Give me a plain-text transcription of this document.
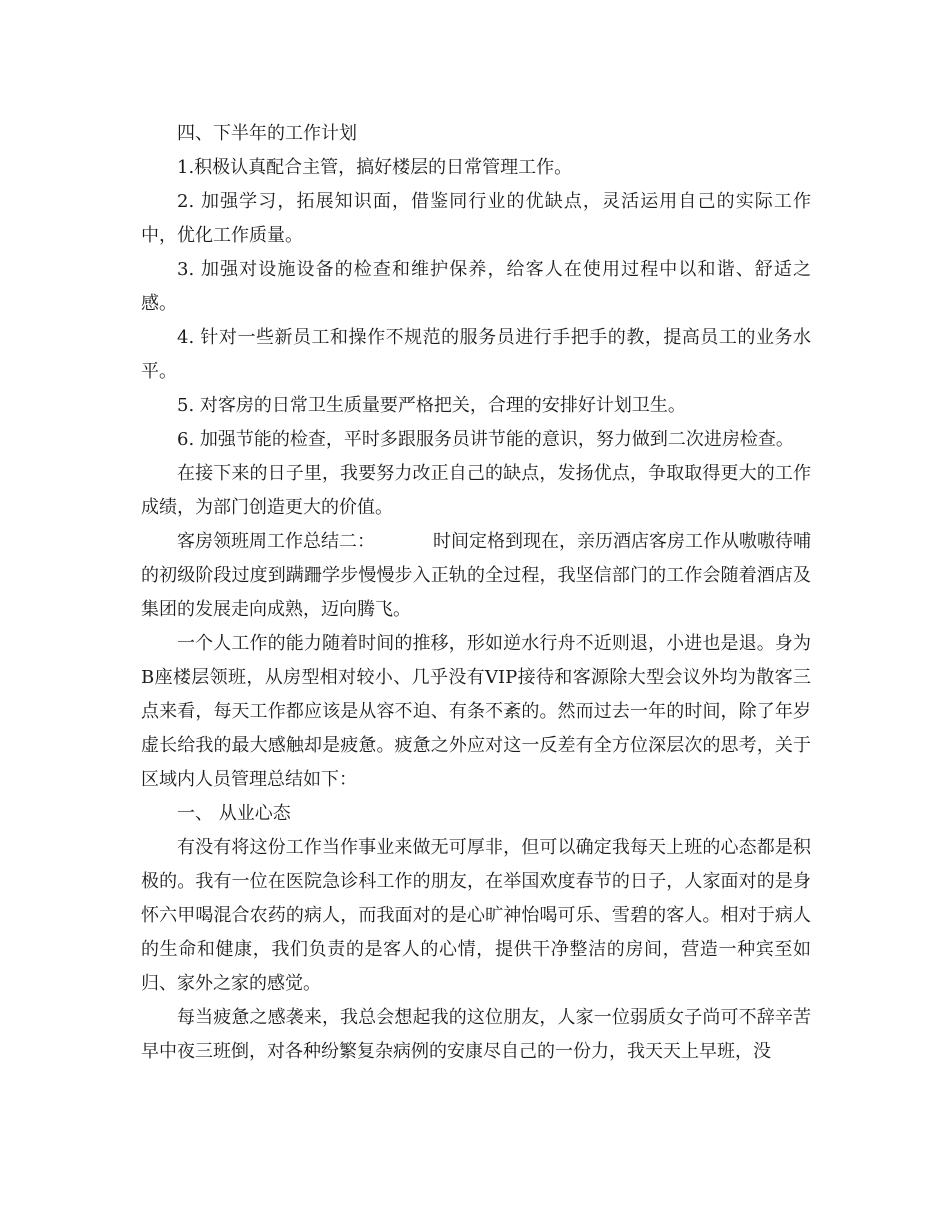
四、下半年的工作计划

1.积极认真配合主管，搞好楼层的日常管理工作。

2. 加强学习，拓展知识面，借鉴同行业的优缺点，灵活运用自己的实际工作中，优化工作质量。

3. 加强对设施设备的检查和维护保养，给客人在使用过程中以和谐、舒适之感。

4. 针对一些新员工和操作不规范的服务员进行手把手的教，提高员工的业务水平。

5. 对客房的日常卫生质量要严格把关，合理的安排好计划卫生。

6. 加强节能的检查，平时多跟服务员讲节能的意识，努力做到二次进房检查。

在接下来的日子里，我要努力改正自己的缺点，发扬优点，争取取得更大的工作成绩，为部门创造更大的价值。

客房领班周工作总结二：	时间定格到现在，亲历酒店客房工作从嗷嗷待哺的初级阶段过度到蹒跚学步慢慢步入正轨的全过程，我坚信部门的工作会随着酒店及集团的发展走向成熟，迈向腾飞。

一个人工作的能力随着时间的推移，形如逆水行舟不近则退，小进也是退。身为B座楼层领班，从房型相对较小、几乎没有VIP接待和客源除大型会议外均为散客三点来看，每天工作都应该是从容不迫、有条不紊的。然而过去一年的时间，除了年岁虚长给我的最大感触却是疲惫。疲惫之外应对这一反差有全方位深层次的思考，关于区域内人员管理总结如下：

一、 从业心态

有没有将这份工作当作事业来做无可厚非，但可以确定我每天上班的心态都是积极的。我有一位在医院急诊科工作的朋友，在举国欢度春节的日子，人家面对的是身怀六甲喝混合农药的病人，而我面对的是心旷神怡喝可乐、雪碧的客人。相对于病人的生命和健康，我们负责的是客人的心情，提供干净整洁的房间，营造一种宾至如归、家外之家的感觉。

每当疲惫之感袭来，我总会想起我的这位朋友，人家一位弱质女子尚可不辞辛苦早中夜三班倒，对各种纷繁复杂病例的安康尽自己的一份力，我天天上早班，没
